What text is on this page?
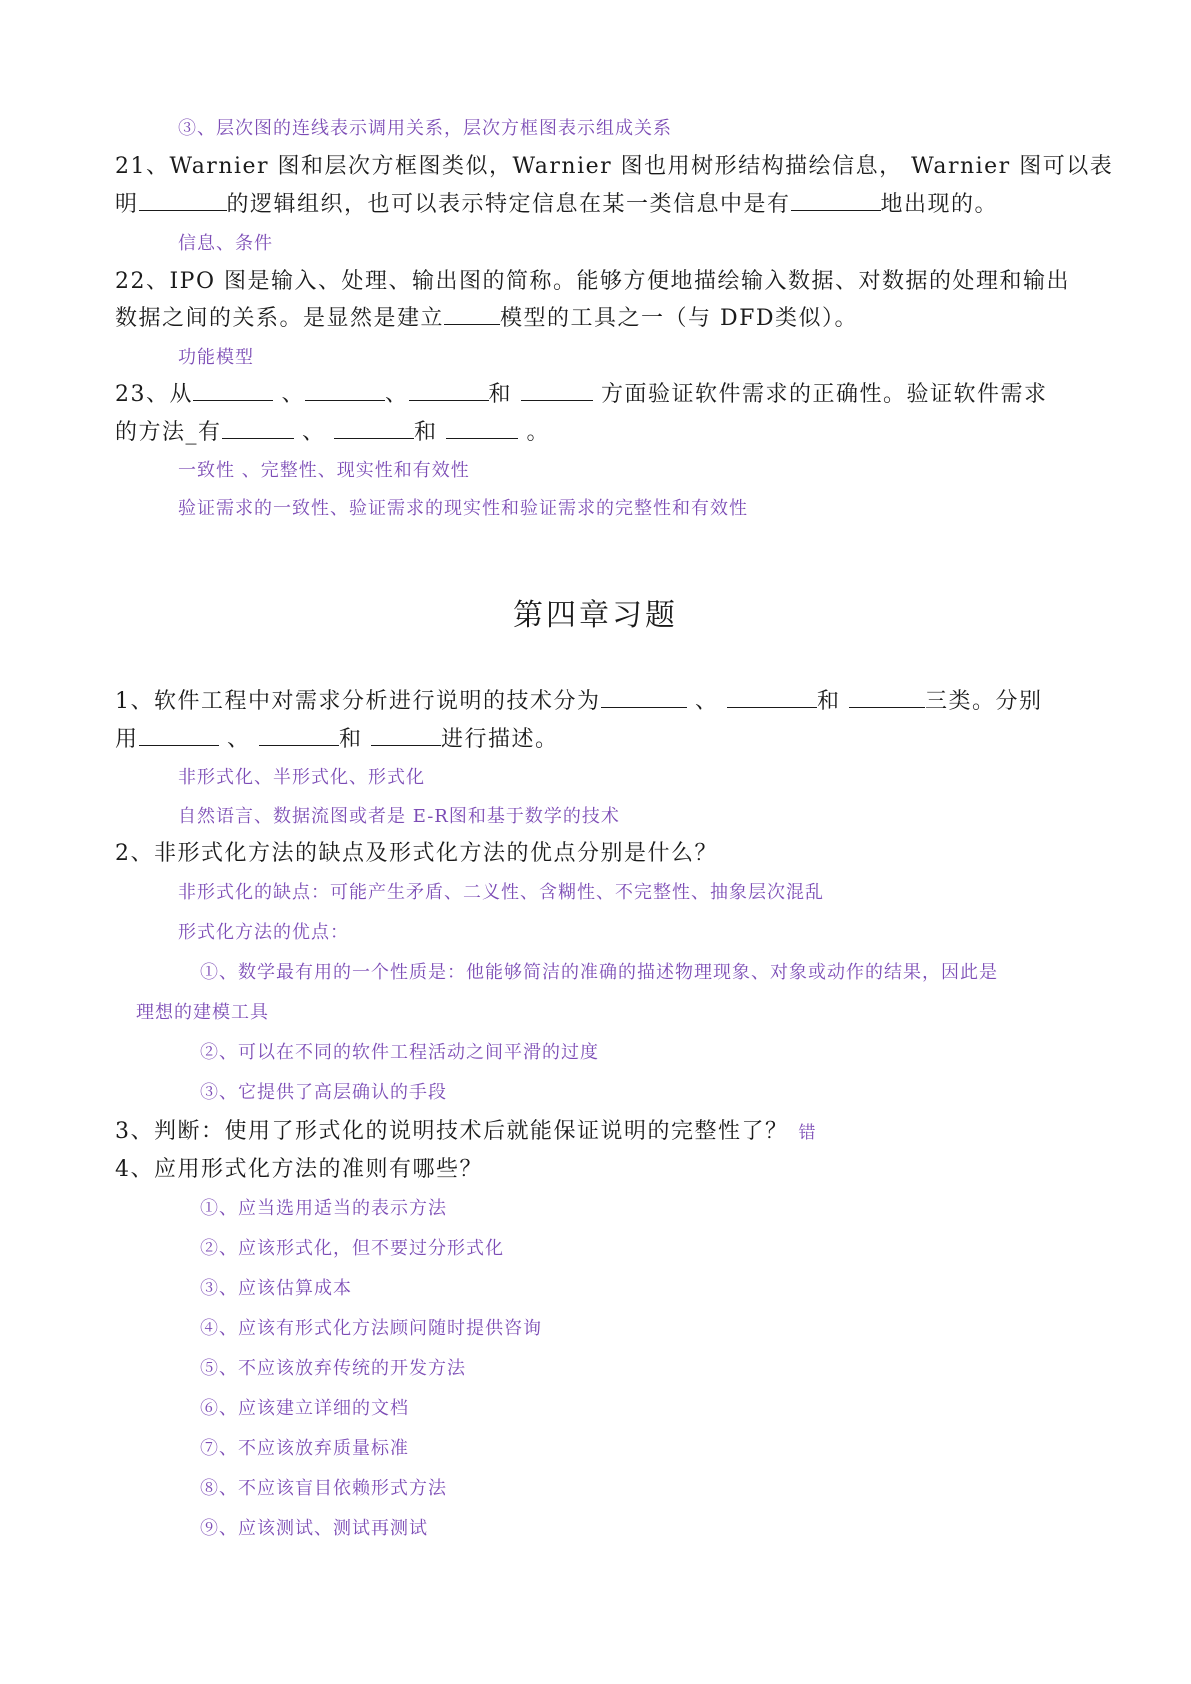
③、层次图的连线表示调用关系，层次方框图表示组成关系
21、Warnier 图和层次方框图类似，Warnier 图也用树形结构描绘信息， Warnier 图可以表
明	的逻辑组织，也可以表示特定信息在某一类信息中是有	地出现的。
信息、条件
22、IPO 图是输入、处理、输出图的简称。能够方便地描绘输入数据、对数据的处理和输出
数据之间的关系。是显然是建立	模型的工具之一（与 DFD类似）。
功能模型
23、从	、	、	和	方面验证软件需求的正确性。验证软件需求
的方法_有	、	和	。
一致性 、完整性、现实性和有效性
验证需求的一致性、验证需求的现实性和验证需求的完整性和有效性
第四章习题
1、软件工程中对需求分析进行说明的技术分为	、	和	三类。分别
用	、	和	进行描述。
非形式化、半形式化、形式化
自然语言、数据流图或者是 E-R图和基于数学的技术
2、非形式化方法的缺点及形式化方法的优点分别是什么？
非形式化的缺点：可能产生矛盾、二义性、含糊性、不完整性、抽象层次混乱
形式化方法的优点：
①、数学最有用的一个性质是：他能够简洁的准确的描述物理现象、对象或动作的结果，因此是
理想的建模工具
②、可以在不同的软件工程活动之间平滑的过度
③、它提供了高层确认的手段
3、判断：使用了形式化的说明技术后就能保证说明的完整性了？ 错
4、应用形式化方法的准则有哪些？
①、应当选用适当的表示方法
②、应该形式化，但不要过分形式化
③、应该估算成本
④、应该有形式化方法顾问随时提供咨询
⑤、不应该放弃传统的开发方法
⑥、应该建立详细的文档
⑦、不应该放弃质量标准
⑧、不应该盲目依赖形式方法
⑨、应该测试、测试再测试
